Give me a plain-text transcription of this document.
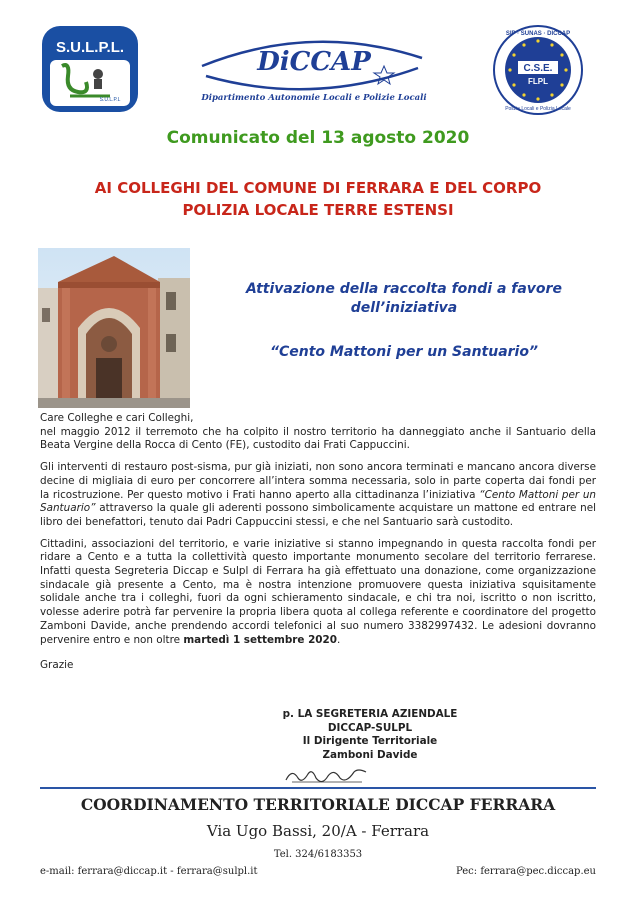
S.U.L.P.L.
S.U.L.P.L
DiCCAP
Dipartimento Autonomie Locali e Polizie Locali
SIP · SUNAS · DICCAP
C.S.E.
FLPL
Polizie Locali e Polizia Locale
Comunicato del 13 agosto 2020
AI COLLEGHI DEL COMUNE DI FERRARA E DEL CORPO
POLIZIA LOCALE TERRE ESTENSI
Attivazione della raccolta fondi a favore
dell’iniziativa
“Cento Mattoni per un Santuario”

Care Colleghe e cari Colleghi,

nel maggio 2012 il terremoto che ha colpito il nostro territorio ha danneggiato anche il Santuario della Beata Vergine della Rocca di Cento (FE), custodito dai Frati Cappuccini.

Gli interventi di restauro post-sisma, pur già iniziati, non sono ancora terminati e mancano ancora diverse decine di migliaia di euro per concorrere all’intera somma necessaria, solo in parte coperta dai fondi per la ricostruzione. Per questo motivo i Frati hanno aperto alla cittadinanza l’iniziativa “Cento Mattoni per un Santuario” attraverso la quale gli aderenti possono simbolicamente acquistare un mattone ed entrare nel libro dei benefattori, tenuto dai Padri Cappuccini stessi, e che nel Santuario sarà custodito.

Cittadini, associazioni del territorio, e varie iniziative si stanno impegnando in questa raccolta fondi per ridare a Cento e a tutta la collettività questo importante monumento secolare del territorio ferrarese. Infatti questa Segreteria Diccap e Sulpl di Ferrara ha già effettuato una donazione, come organizzazione sindacale già presente a Cento, ma è nostra intenzione promuovere questa iniziativa squisitamente solidale anche tra i colleghi, fuori da ogni schieramento sindacale, e chi tra noi, iscritto o non iscritto, volesse aderire potrà far pervenire la propria libera quota al collega referente e coordinatore del progetto Zamboni Davide, anche prendendo accordi telefonici al suo numero 3382997432. Le adesioni dovranno pervenire entro e non oltre martedì 1 settembre 2020.

Grazie

p. LA SEGRETERIA AZIENDALE
DICCAP-SULPL
Il Dirigente Territoriale
Zamboni Davide
COORDINAMENTO TERRITORIALE DICCAP FERRARA
Via Ugo Bassi, 20/A - Ferrara
Tel. 324/6183353
e-mail: ferrara@diccap.it - ferrara@sulpl.it	Pec: ferrara@pec.diccap.eu
